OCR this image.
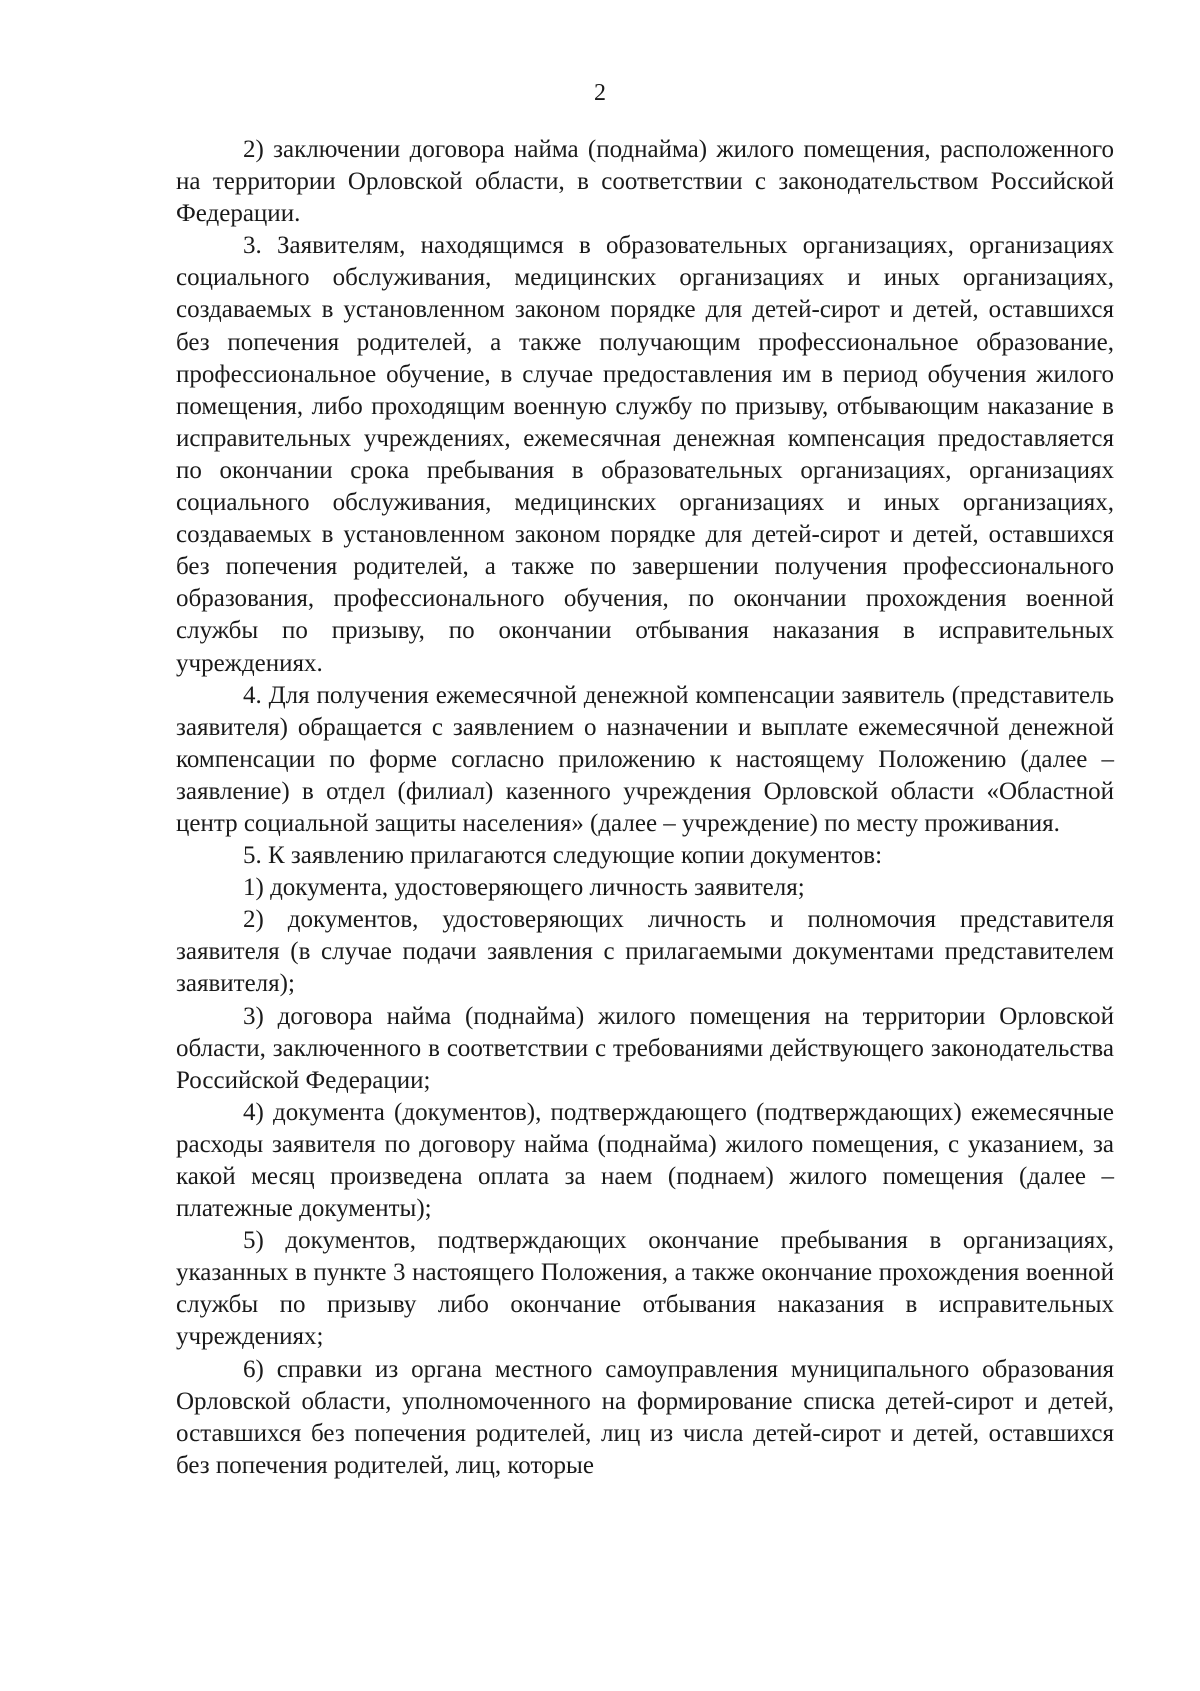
2

2) заключении договора найма (поднайма) жилого помещения, расположенного на территории Орловской области, в соответствии с законодательством Российской Федерации.

3. Заявителям, находящимся в образовательных организациях, организациях социального обслуживания, медицинских организациях и иных организациях, создаваемых в установленном законом порядке для детей-сирот и детей, оставшихся без попечения родителей, а также получающим профессиональное образование, профессиональное обучение, в случае предоставления им в период обучения жилого помещения, либо проходящим военную службу по призыву, отбывающим наказание в исправительных учреждениях, ежемесячная денежная компенсация предоставляется по окончании срока пребывания в образовательных организациях, организациях социального обслуживания, медицинских организациях и иных организациях, создаваемых в установленном законом порядке для детей-сирот и детей, оставшихся без попечения родителей, а также по завершении получения профессионального образования, профессионального обучения, по окончании прохождения военной службы по призыву, по окончании отбывания наказания в исправительных учреждениях.

4. Для получения ежемесячной денежной компенсации заявитель (представитель заявителя) обращается с заявлением о назначении и выплате ежемесячной денежной компенсации по форме согласно приложению к настоящему Положению (далее – заявление) в отдел (филиал) казенного учреждения Орловской области «Областной центр социальной защиты населения» (далее – учреждение) по месту проживания.

5. К заявлению прилагаются следующие копии документов:

1) документа, удостоверяющего личность заявителя;

2) документов, удостоверяющих личность и полномочия представителя заявителя (в случае подачи заявления с прилагаемыми документами представителем заявителя);

3) договора найма (поднайма) жилого помещения на территории Орловской области, заключенного в соответствии с требованиями действующего законодательства Российской Федерации;

4) документа (документов), подтверждающего (подтверждающих) ежемесячные расходы заявителя по договору найма (поднайма) жилого помещения, с указанием, за какой месяц произведена оплата за наем (поднаем) жилого помещения (далее – платежные документы);

5) документов, подтверждающих окончание пребывания в организациях, указанных в пункте 3 настоящего Положения, а также окончание прохождения военной службы по призыву либо окончание отбывания наказания в исправительных учреждениях;

6) справки из органа местного самоуправления муниципального образования Орловской области, уполномоченного на формирование списка детей-сирот и детей, оставшихся без попечения родителей, лиц из числа детей-сирот и детей, оставшихся без попечения родителей, лиц, которые
